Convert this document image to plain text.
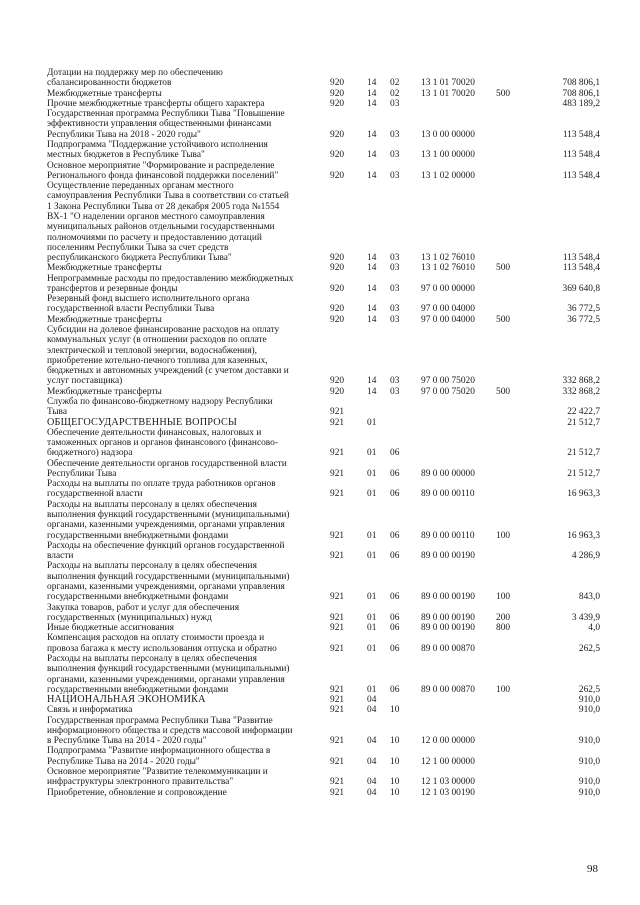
Дотации на поддержку мер по обеспечению
сбалансированности бюджетов	920 14 02 13 1 01 70020	708 806,1
Межбюджетные трансферты	920 14 02 13 1 01 70020 500	708 806,1
Прочие межбюджетные трансферты общего характера	920 14 03	483 189,2
Государственная программа Республики Тыва "Повышение
эффективности управления общественными финансами
Республики Тыва на 2018 - 2020 годы"	920 14 03 13 0 00 00000	113 548,4
Подпрограмма "Поддержание устойчивого исполнения
местных бюджетов в Республике Тыва"	920 14 03 13 1 00 00000	113 548,4
Основное мероприятие "Формирование и распределение
Регионального фонда финансовой поддержки поселений"	920 14 03 13 1 02 00000	113 548,4
Осуществление переданных органам местного
самоуправления Республики Тыва в соответствии со статьей
1 Закона Республики Тыва от 28 декабря 2005 года №1554
ВХ-1 "О наделении органов местного самоуправления
муниципальных районов отдельными государственными
полномочиями по расчету и предоставлению дотаций
поселениям Республики Тыва за счет средств
республиканского бюджета Республики Тыва"	920 14 03 13 1 02 76010	113 548,4
Межбюджетные трансферты	920 14 03 13 1 02 76010 500	113 548,4
Непрограммные расходы по предоставлению межбюджетных
трансфертов и резервные фонды	920 14 03 97 0 00 00000	369 640,8
Резервный фонд высшего исполнительного органа
государственной власти Республики Тыва	920 14 03 97 0 00 04000	36 772,5
Межбюджетные трансферты	920 14 03 97 0 00 04000 500	36 772,5
Субсидии на долевое финансирование расходов на оплату
коммунальных услуг (в отношении расходов по оплате
электрической и тепловой энергии, водоснабжения),
приобретение котельно-печного топлива для казенных,
бюджетных и автономных учреждений (с учетом доставки и
услуг поставщика)	920 14 03 97 0 00 75020	332 868,2
Межбюджетные трансферты	920 14 03 97 0 00 75020 500	332 868,2
Служба по финансово-бюджетному надзору Республики
Тыва	921	22 422,7
ОБЩЕГОСУДАРСТВЕННЫЕ ВОПРОСЫ	921 01	21 512,7
Обеспечение деятельности финансовых, налоговых и
таможенных органов и органов финансового (финансово-
бюджетного) надзора	921 01 06	21 512,7
Обеспечение деятельности органов государственной власти
Республики Тыва	921 01 06 89 0 00 00000	21 512,7
Расходы на выплаты по оплате труда работников органов
государственной власти	921 01 06 89 0 00 00110	16 963,3
Расходы на выплаты персоналу в целях обеспечения
выполнения функций государственными (муниципальными)
органами, казенными учреждениями, органами управления
государственными внебюджетными фондами	921 01 06 89 0 00 00110 100	16 963,3
Расходы на обеспечение функций органов государственной
власти	921 01 06 89 0 00 00190	4 286,9
Расходы на выплаты персоналу в целях обеспечения
выполнения функций государственными (муниципальными)
органами, казенными учреждениями, органами управления
государственными внебюджетными фондами	921 01 06 89 0 00 00190 100	843,0
Закупка товаров, работ и услуг для обеспечения
государственных (муниципальных) нужд	921 01 06 89 0 00 00190 200	3 439,9
Иные бюджетные ассигнования	921 01 06 89 0 00 00190 800	4,0
Компенсация расходов на оплату стоимости проезда и
провоза багажа к месту использования отпуска и обратно	921 01 06 89 0 00 00870	262,5
Расходы на выплаты персоналу в целях обеспечения
выполнения функций государственными (муниципальными)
органами, казенными учреждениями, органами управления
государственными внебюджетными фондами	921 01 06 89 0 00 00870 100	262,5
НАЦИОНАЛЬНАЯ ЭКОНОМИКА	921 04	910,0
Связь и информатика	921 04 10	910,0
Государственная программа Республики Тыва "Развитие
информационного общества и средств массовой информации
в Республике Тыва на 2014 - 2020 годы"	921 04 10 12 0 00 00000	910,0
Подпрограмма "Развитие информационного общества в
Республике Тыва на 2014 - 2020 годы"	921 04 10 12 1 00 00000	910,0
Основное мероприятие "Развитие телекоммуникации и
инфраструктуры электронного правительства"	921 04 10 12 1 03 00000	910,0
Приобретение, обновление и сопровождение	921 04 10 12 1 03 00190	910,0
98
